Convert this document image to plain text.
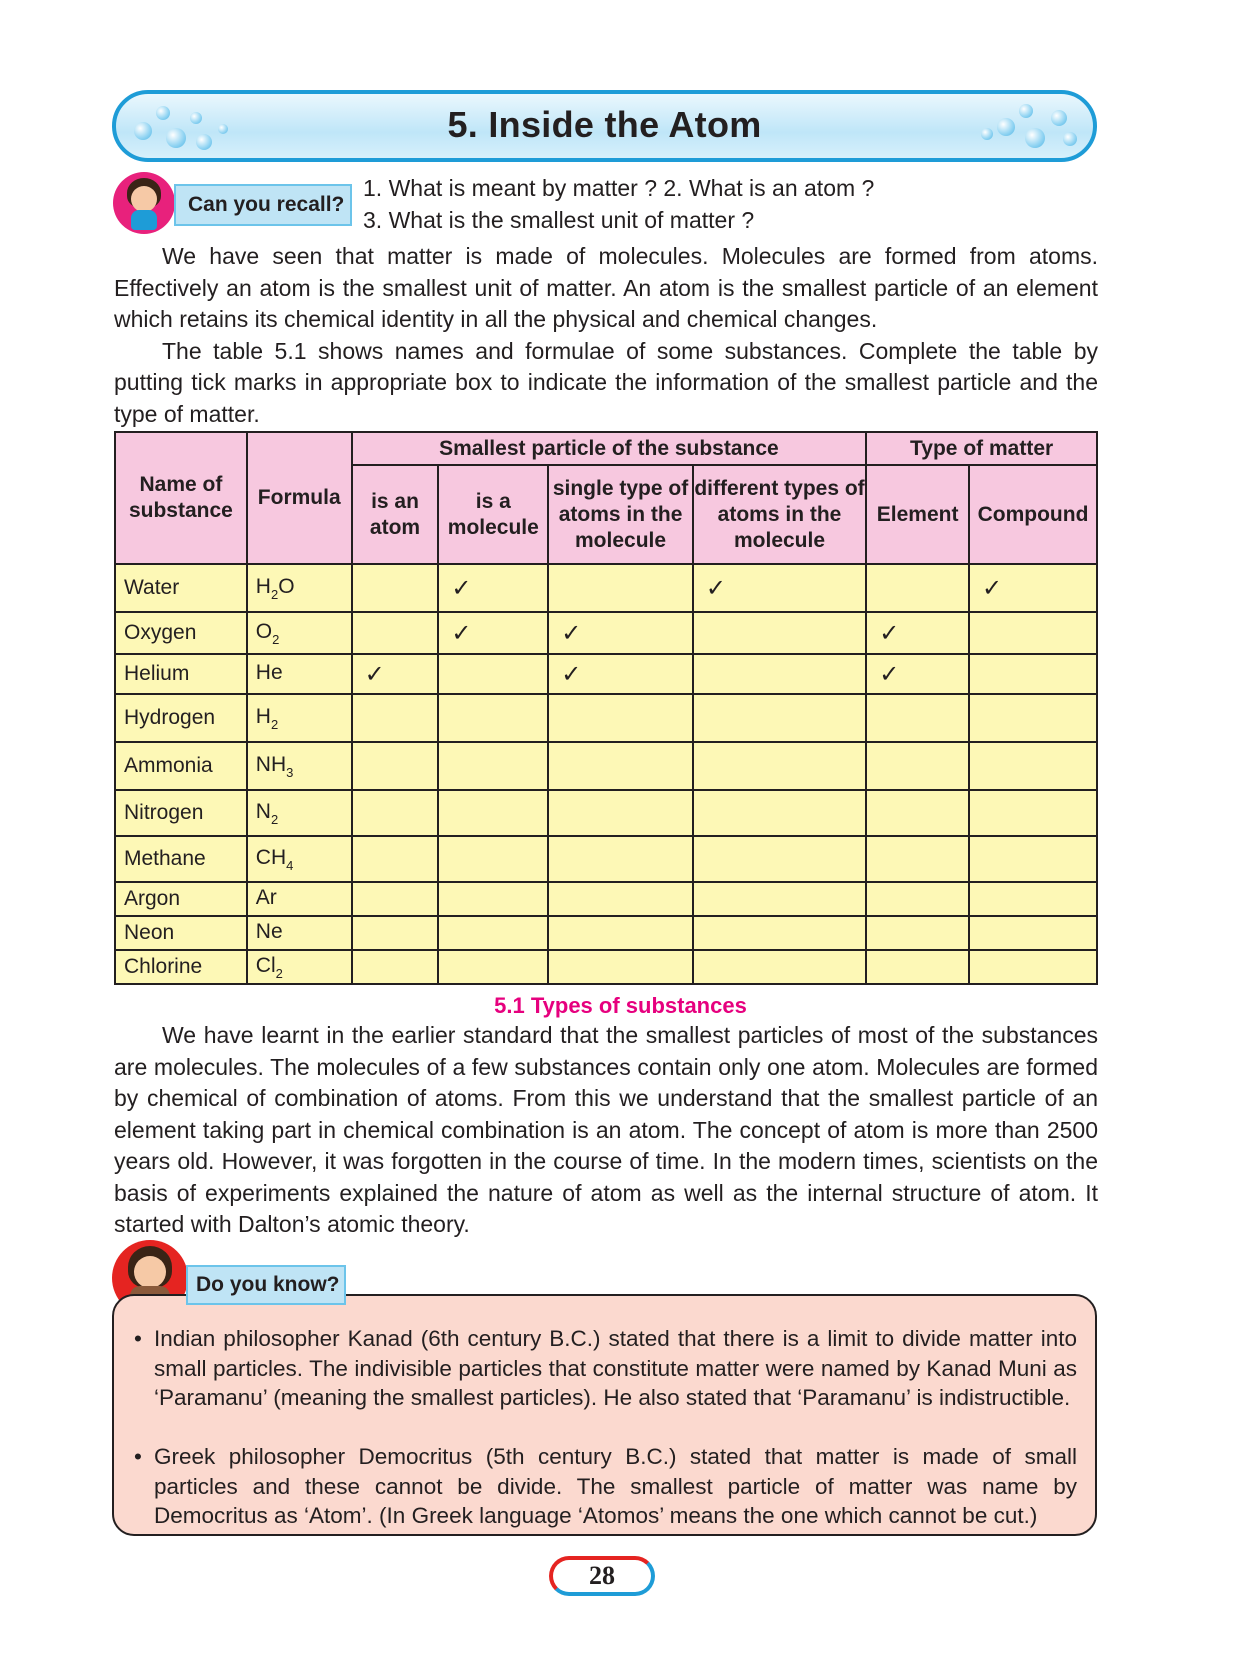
5. Inside the Atom
Can you recall?
1. What is meant by matter ? 2. What is an atom ?
3. What is the smallest unit of matter ?

We have seen that matter is made of molecules. Molecules are formed from atoms. Effectively an atom is the smallest unit of matter. An atom is the smallest particle of an element which retains its chemical identity in all the physical and chemical changes.

The table 5.1 shows names and formulae of some substances. Complete the table by putting tick marks in appropriate box to indicate the information of the smallest particle and the type of matter.

Name of substance	Formula	Smallest particle of the substance				Type of matter	
		is an atom	is a molecule	single type of atoms in the molecule	different types of atoms in the molecule	Element	Compound
Water	$H_2O$		✓		✓		✓
Oxygen	$O_2$		✓	✓		✓	
Helium	He	✓		✓		✓	
Hydrogen	$H_2$						
Ammonia	$NH_3$						
Nitrogen	$N_2$						
Methane	$CH_4$						
Argon	Ar						
Neon	Ne						
Chlorine	$Cl_2$						
5.1 Types of substances

We have learnt in the earlier standard that the smallest particles of most of the substances are molecules. The molecules of a few substances contain only one atom. Molecules are formed by chemical of combination of atoms. From this we understand that the smallest particle of an element taking part in chemical combination is an atom. The concept of atom is more than 2500 years old. However, it was forgotten in the course of time. In the modern times, scientists on the basis of experiments explained the nature of atom as well as the internal structure of atom. It started with Dalton’s atomic theory.

• Indian philosopher Kanad (6th century B.C.) stated that there is a limit to divide matter into small particles. The indivisible particles that constitute matter were named by Kanad Muni as ‘Paramanu’ (meaning the smallest particles). He also stated that ‘Paramanu’ is indistructible.
• Greek philosopher Democritus (5th century B.C.) stated that matter is made of small particles and these cannot be divide. The smallest particle of matter was name by Democritus as ‘Atom’. (In Greek language ‘Atomos’ means the one which cannot be cut.)
Do you know?
28
